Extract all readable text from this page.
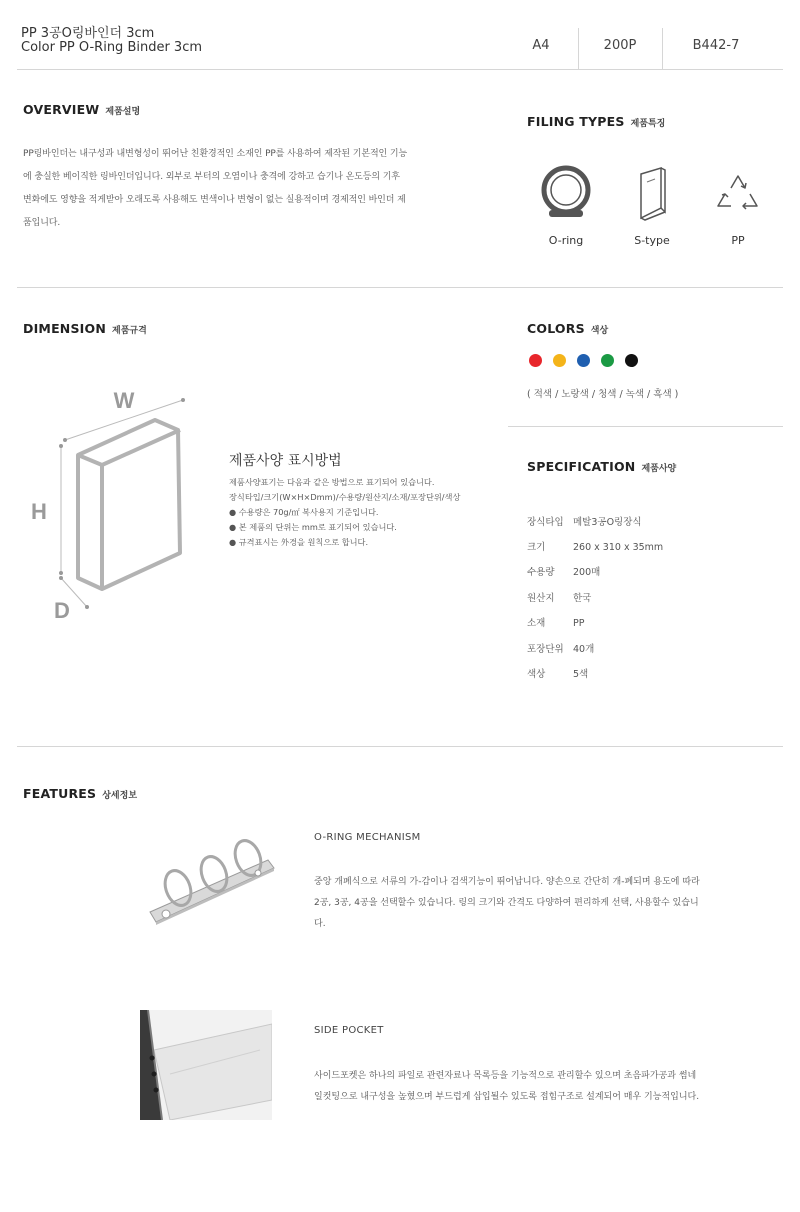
PP 3공O링바인더 3cm
Color PP O-Ring Binder 3cm	A4	200P	B442-7
OVERVIEW 제품설명
PP링바인더는 내구성과 내변형성이 뛰어난 친환경적인 소재인 PP를 사용하여 제작된 기본적인 기능
에 충실한 베이직한 링바인더입니다. 외부로 부터의 오염이나 충격에 강하고 습기나 온도등의 기후
변화에도 영향을 적게받아 오래도록 사용해도 변색이나 변형이 없는 실용적이며 경제적인 바인더 제
품입니다.
FILING TYPES 제품특징
O-ring	S-type	PP
DIMENSION 제품규격
W
H
D
제품사양 표시방법
제품사양표기는 다음과 같은 방법으로 표기되어 있습니다.
장식타입/크기(W×H×Dmm)/수용량/원산지/소재/포장단위/색상
● 수용량은 70g/㎡ 복사용지 기준입니다.
● 본 제품의 단위는 mm로 표기되어 있습니다.
● 규격표시는 外경을 원칙으로 합니다.
COLORS 색상
( 적색 / 노랑색 / 청색 / 녹색 / 흑색 )
SPECIFICATION 제품사양
장식타입 메탈3공O링장식
크기	260 x 310 x 35mm
수용량 200매
원산지 한국
소재	PP
포장단위 40개
색상	5색
FEATURES 상세정보
O-RING MECHANISM
중앙 개폐식으로 서류의 가-감이나 검색기능이 뛰어납니다. 양손으로 간단히 개-폐되며 용도에 따라
2공, 3공, 4공을 선택할수 있습니다. 링의 크기와 간격도 다양하여 편리하게 선택, 사용할수 있습니
다.
SIDE POCKET
사이드포켓은 하나의 파일로 관련자료나 목록등을 기능적으로 관리할수 있으며 초음파가공과 썸네
일컷팅으로 내구성을 높혔으며 부드럽게 삽입될수 있도록 접힘구조로 설계되어 매우 기능적입니다.
